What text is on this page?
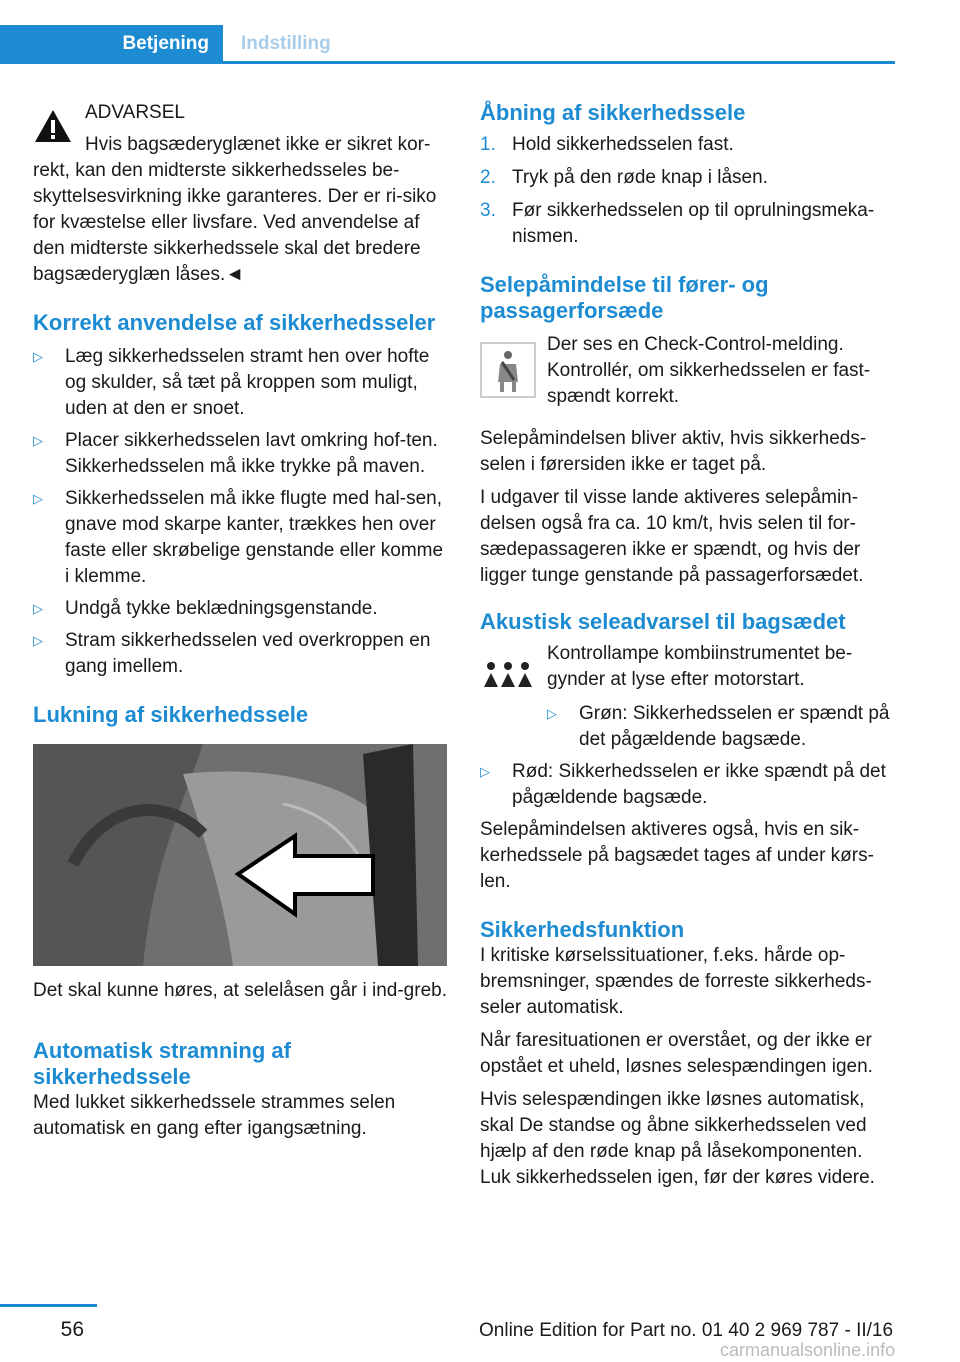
Betjening	Indstilling

ADVARSEL

Hvis bagsæderyglænet ikke er sikret kor-

rekt, kan den midterste sikkerhedsseles be-skyttelsesvirkning ikke garanteres. Der er ri-siko for kvæstelse eller livsfare. Ved anvendelse af den midterste sikkerhedssele skal det bredere bagsæderyglæn låses.◄

Korrekt anvendelse af sikkerhedsseler

▷	Læg sikkerhedsselen stramt hen over hofte og skulder, så tæt på kroppen som muligt, uden at den er snoet.
▷	Placer sikkerhedsselen lavt omkring hof-ten. Sikkerhedsselen må ikke trykke på maven.
▷	Sikkerhedsselen må ikke flugte med hal-sen, gnave mod skarpe kanter, trækkes hen over faste eller skrøbelige genstande eller komme i klemme.
▷	Undgå tykke beklædningsgenstande.
▷	Stram sikkerhedsselen ved overkroppen en gang imellem.

Lukning af sikkerhedssele

Det skal kunne høres, at selelåsen går i ind-greb.

Automatisk stramning af sikkerhedssele

Med lukket sikkerhedssele strammes selen automatisk en gang efter igangsætning.

Åbning af sikkerhedssele

1. Hold sikkerhedsselen fast.
2. Tryk på den røde knap i låsen.
3. Før sikkerhedsselen op til oprulningsmeka-nismen.

Selepåmindelse til fører- og passagerforsæde

Der ses en Check-Control-melding. Kontrollér, om sikkerhedsselen er fast-spændt korrekt.

Selepåmindelsen bliver aktiv, hvis sikkerheds-selen i førersiden ikke er taget på.

I udgaver til visse lande aktiveres selepåmin-delsen også fra ca. 10 km/t, hvis selen til for-sædepassageren ikke er spændt, og hvis der ligger tunge genstande på passagerforsædet.

Akustisk seleadvarsel til bagsædet

Kontrollampe kombiinstrumentet be-gynder at lyse efter motorstart.

▷	Grøn: Sikkerhedsselen er spændt på det pågældende bagsæde.
▷	Rød: Sikkerhedsselen er ikke spændt på det pågældende bagsæde.

Selepåmindelsen aktiveres også, hvis en sik-kerhedssele på bagsædet tages af under kørs-len.

Sikkerhedsfunktion

I kritiske kørselssituationer, f.eks. hårde op-bremsninger, spændes de forreste sikkerheds-seler automatisk.

Når faresituationen er overstået, og der ikke er opstået et uheld, løsnes selespændingen igen.

Hvis selespændingen ikke løsnes automatisk, skal De standse og åbne sikkerhedsselen ved hjælp af den røde knap på låsekomponenten. Luk sikkerhedsselen igen, før der køres videre.

56	Online Edition for Part no. 01 40 2 969 787 - II/16
carmanualsonline.info
